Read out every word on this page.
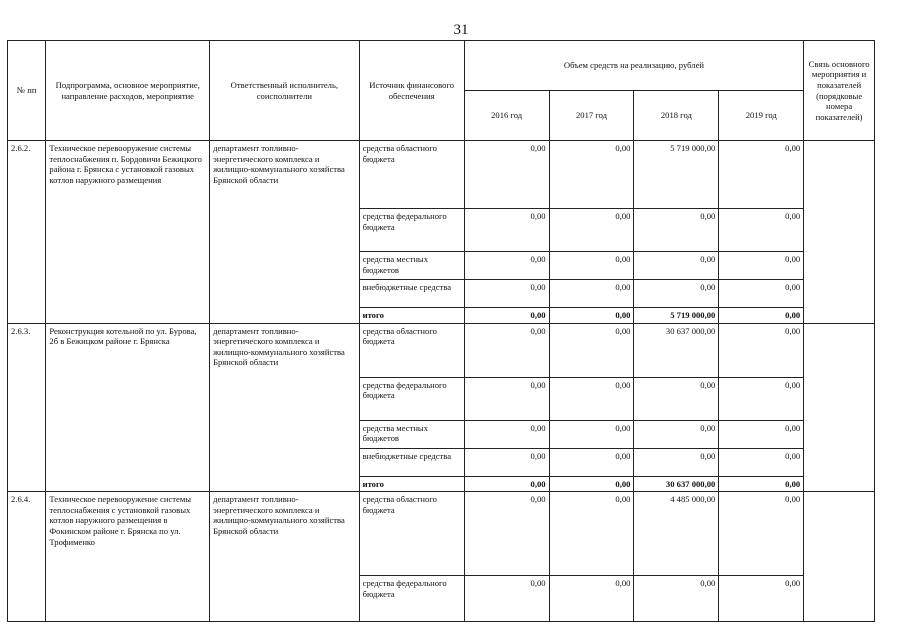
31
№ пп	Подпрограмма, основное мероприятие, направление расходов, мероприятие	Ответственный исполнитель, соисполнители	Источник финансового обеспечения	Объем средств на реализацию, рублей				Связь основного мероприятия и показателей (порядковые номера показателей)
				2016 год	2017 год	2018 год	2019 год	
2.6.2.	Техническое перевооружение системы теплоснабжения п. Бордовичи Бежицкого района г. Брянска с установкой газовых котлов наружного размещения	департамент топливно-энергетического комплекса и жилищно-коммунального хозяйства Брянской области	средства областного бюджета	0,00	0,00	5 719 000,00	0,00	
			средства федерального бюджета	0,00	0,00	0,00	0,00	
			средства местных бюджетов	0,00	0,00	0,00	0,00	
			внебюджетные средства	0,00	0,00	0,00	0,00	
			итого	0,00	0,00	5 719 000,00	0,00	
2.6.3.	Реконструкция котельной по ул. Бурова, 2б в Бежицком районе г. Брянска	департамент топливно-энергетического комплекса и жилищно-коммунального хозяйства Брянской области	средства областного бюджета	0,00	0,00	30 637 000,00	0,00	
			средства федерального бюджета	0,00	0,00	0,00	0,00	
			средства местных бюджетов	0,00	0,00	0,00	0,00	
			внебюджетные средства	0,00	0,00	0,00	0,00	
			итого	0,00	0,00	30 637 000,00	0,00	
2.6.4.	Техническое перевооружение системы теплоснабжения с установкой газовых котлов наружного размещения в Фокинском районе г. Брянска по ул. Трофименко	департамент топливно-энергетического комплекса и жилищно-коммунального хозяйства Брянской области	средства областного бюджета	0,00	0,00	4 485 000,00	0,00	
			средства федерального бюджета	0,00	0,00	0,00	0,00	
